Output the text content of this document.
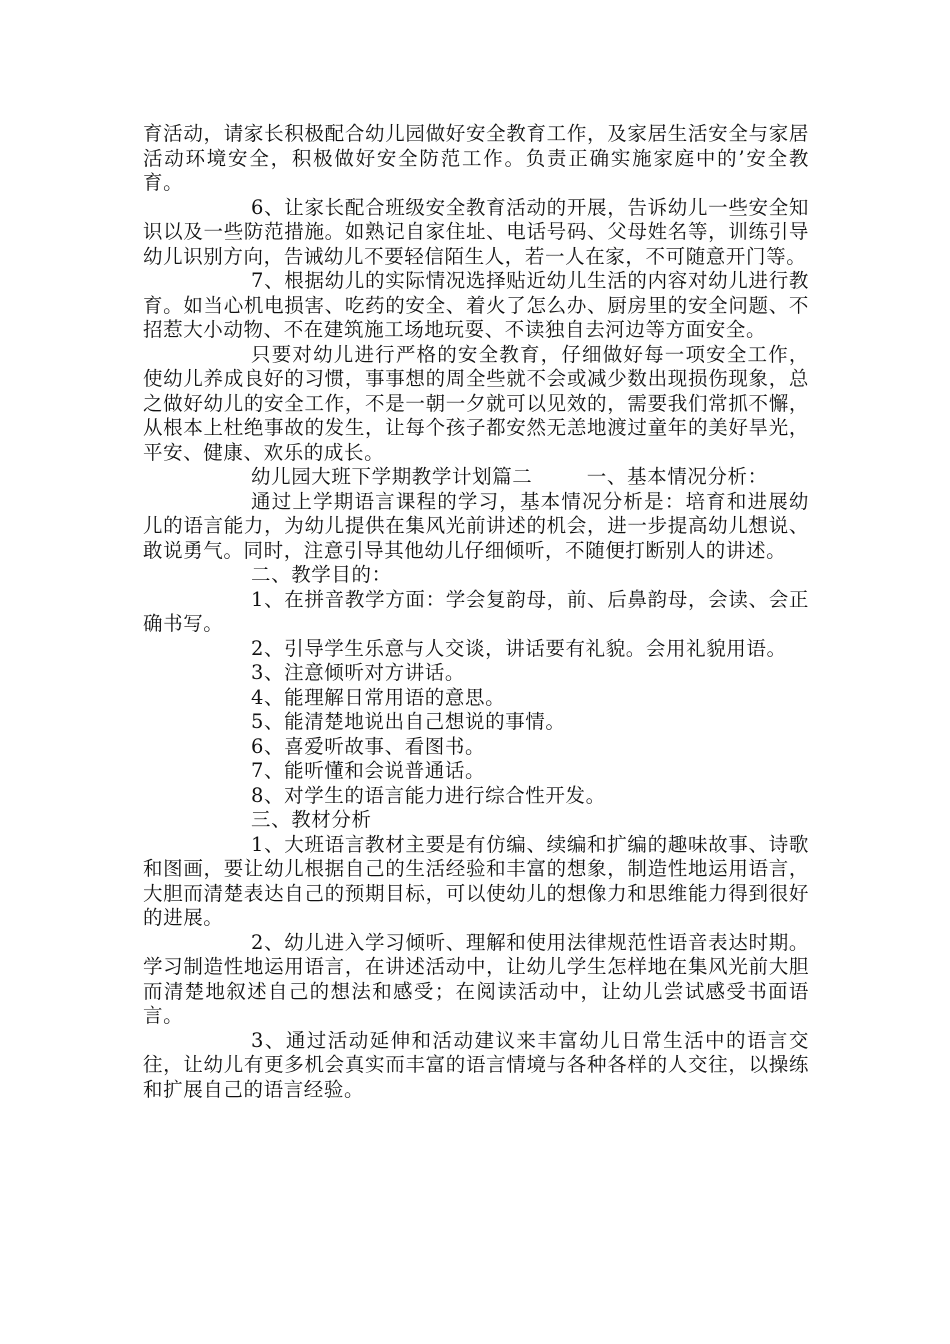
育活动，请家长积极配合幼儿园做好安全教育工作，及家居生活安全与家居活动环境安全，积极做好安全防范工作。负责正确实施家庭中的’安全教育。

6、让家长配合班级安全教育活动的开展，告诉幼儿一些安全知识以及一些防范措施。如熟记自家住址、电话号码、父母姓名等，训练引导幼儿识别方向，告诫幼儿不要轻信陌生人，若一人在家，不可随意开门等。

7、根据幼儿的实际情况选择贴近幼儿生活的内容对幼儿进行教育。如当心机电损害、吃药的安全、着火了怎么办、厨房里的安全问题、不招惹大小动物、不在建筑施工场地玩耍、不读独自去河边等方面安全。

只要对幼儿进行严格的安全教育，仔细做好每一项安全工作，使幼儿养成良好的习惯，事事想的周全些就不会或减少数出现损伤现象，总之做好幼儿的安全工作，不是一朝一夕就可以见效的，需要我们常抓不懈，从根本上杜绝事故的发生，让每个孩子都安然无恙地渡过童年的美好旱光，平安、健康、欢乐的成长。

幼儿园大班下学期教学计划篇二        一、基本情况分析：

通过上学期语言课程的学习，基本情况分析是：培育和进展幼儿的语言能力，为幼儿提供在集风光前讲述的机会，进一步提高幼儿想说、敢说勇气。同时，注意引导其他幼儿仔细倾听，不随便打断别人的讲述。

二、教学目的：

1、在拼音教学方面：学会复韵母，前、后鼻韵母，会读、会正确书写。

2、引导学生乐意与人交谈，讲话要有礼貌。会用礼貌用语。

3、注意倾听对方讲话。

4、能理解日常用语的意思。

5、能清楚地说出自己想说的事情。

6、喜爱听故事、看图书。

7、能听懂和会说普通话。

8、对学生的语言能力进行综合性开发。

三、教材分析

1、大班语言教材主要是有仿编、续编和扩编的趣味故事、诗歌和图画，要让幼儿根据自己的生活经验和丰富的想象，制造性地运用语言，大胆而清楚表达自己的预期目标，可以使幼儿的想像力和思维能力得到很好的进展。

2、幼儿进入学习倾听、理解和使用法律规范性语音表达时期。学习制造性地运用语言，在讲述活动中，让幼儿学生怎样地在集风光前大胆而清楚地叙述自己的想法和感受；在阅读活动中，让幼儿尝试感受书面语言。

3、通过活动延伸和活动建议来丰富幼儿日常生活中的语言交往，让幼儿有更多机会真实而丰富的语言情境与各种各样的人交往，以操练和扩展自己的语言经验。
